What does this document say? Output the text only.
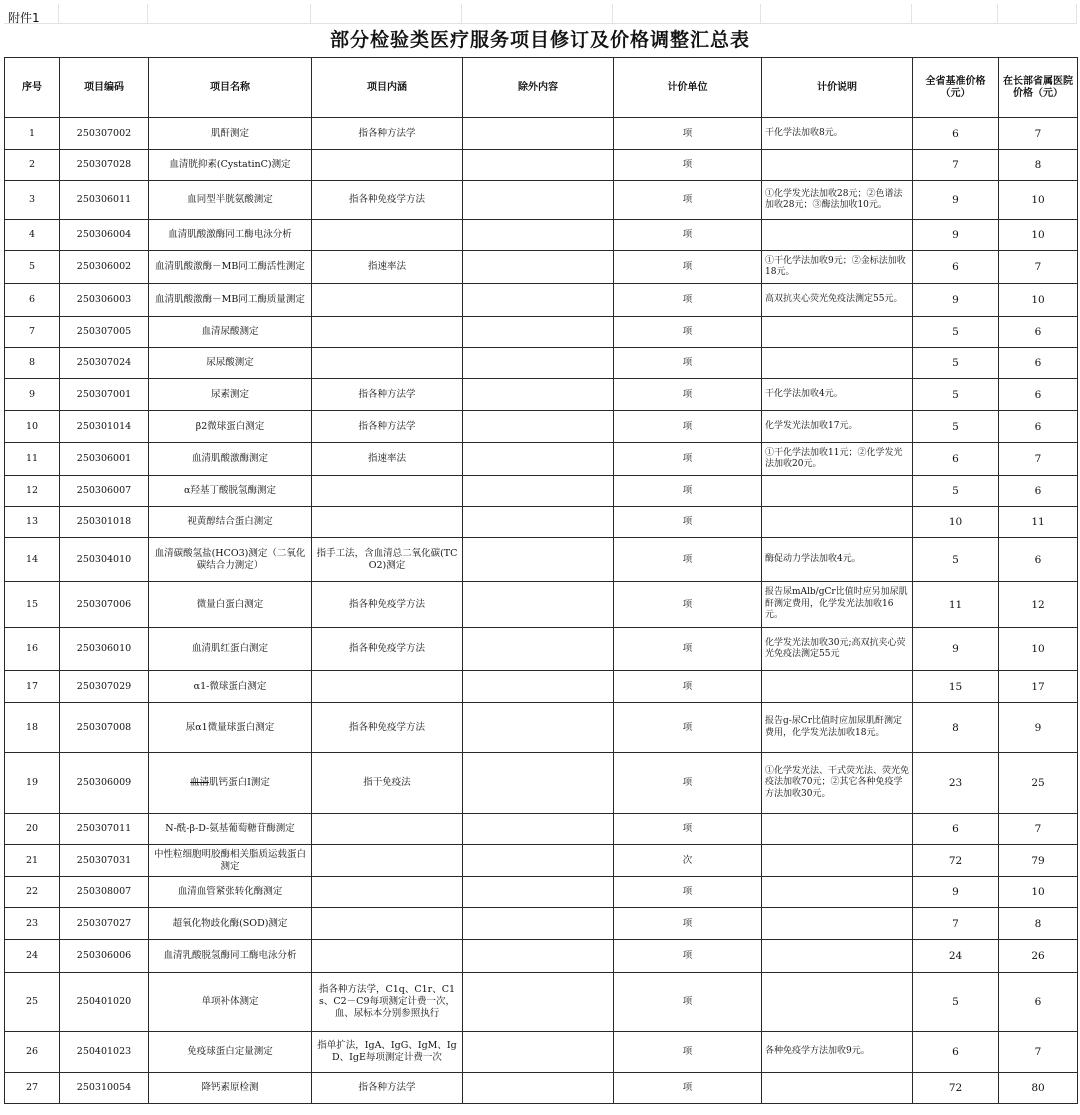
附件1
部分检验类医疗服务项目修订及价格调整汇总表
序号	项目编码	项目名称	项目内涵	除外内容	计价单位	计价说明	全省基准价格（元）	在长部省属医院价格（元）
1	250307002	肌酐测定	指各种方法学		项	干化学法加收8元。	6	7
2	250307028	血清胱抑素(CystatinC)测定			项		7	8
3	250306011	血同型半胱氨酸测定	指各种免疫学方法		项	①化学发光法加收28元；②色谱法加收28元；③酶法加收10元。	9	10
4	250306004	血清肌酸激酶同工酶电泳分析			项		9	10
5	250306002	血清肌酸激酶－MB同工酶活性测定	指速率法		项	①干化学法加收9元；②金标法加收18元。	6	7
6	250306003	血清肌酸激酶－MB同工酶质量测定			项	高双抗夹心荧光免疫法测定55元。	9	10
7	250307005	血清尿酸测定			项		5	6
8	250307024	尿尿酸测定			项		5	6
9	250307001	尿素测定	指各种方法学		项	干化学法加收4元。	5	6
10	250301014	β2微球蛋白测定	指各种方法学		项	化学发光法加收17元。	5	6
11	250306001	血清肌酸激酶测定	指速率法		项	①干化学法加收11元；②化学发光法加收20元。	6	7
12	250306007	α羟基丁酸脱氢酶测定			项		5	6
13	250301018	视黄醇结合蛋白测定			项		10	11
14	250304010	血清碳酸氢盐(HCO3)测定（二氧化碳结合力测定）	指手工法，含血清总二氧化碳(TCO2)测定		项	酶促动力学法加收4元。	5	6
15	250307006	微量白蛋白测定	指各种免疫学方法		项	报告尿mAlb/gCr比值时应另加尿肌酐测定费用，化学发光法加收16元。	11	12
16	250306010	血清肌红蛋白测定	指各种免疫学方法		项	化学发光法加收30元;高双抗夹心荧光免疫法测定55元	9	10
17	250307029	α1-微球蛋白测定			项		15	17
18	250307008	尿α1微量球蛋白测定	指各种免疫学方法		项	报告g-尿Cr比值时应加尿肌酐测定费用，化学发光法加收18元。	8	9
19	250306009	血清肌钙蛋白Ⅰ测定	指干免疫法		项	①化学发光法、干式荧光法、荧光免疫法加收70元；②其它各种免疫学方法加收30元。	23	25
20	250307011	N-酰-β-D-氨基葡萄糖苷酶测定			项		6	7
21	250307031	中性粒细胞明胶酶相关脂质运载蛋白测定			次		72	79
22	250308007	血清血管紧张转化酶测定			项		9	10
23	250307027	超氧化物歧化酶(SOD)测定			项		7	8
24	250306006	血清乳酸脱氢酶同工酶电泳分析			项		24	26
25	250401020	单项补体测定	指各种方法学，C1q、C1r、C1s、C2－C9每项测定计费一次，血、尿标本分别参照执行		项		5	6
26	250401023	免疫球蛋白定量测定	指单扩法，IgA、IgG、IgM、IgD、IgE每项测定计费一次		项	各种免疫学方法加收9元。	6	7
27	250310054	降钙素原检测	指各种方法学		项		72	80
